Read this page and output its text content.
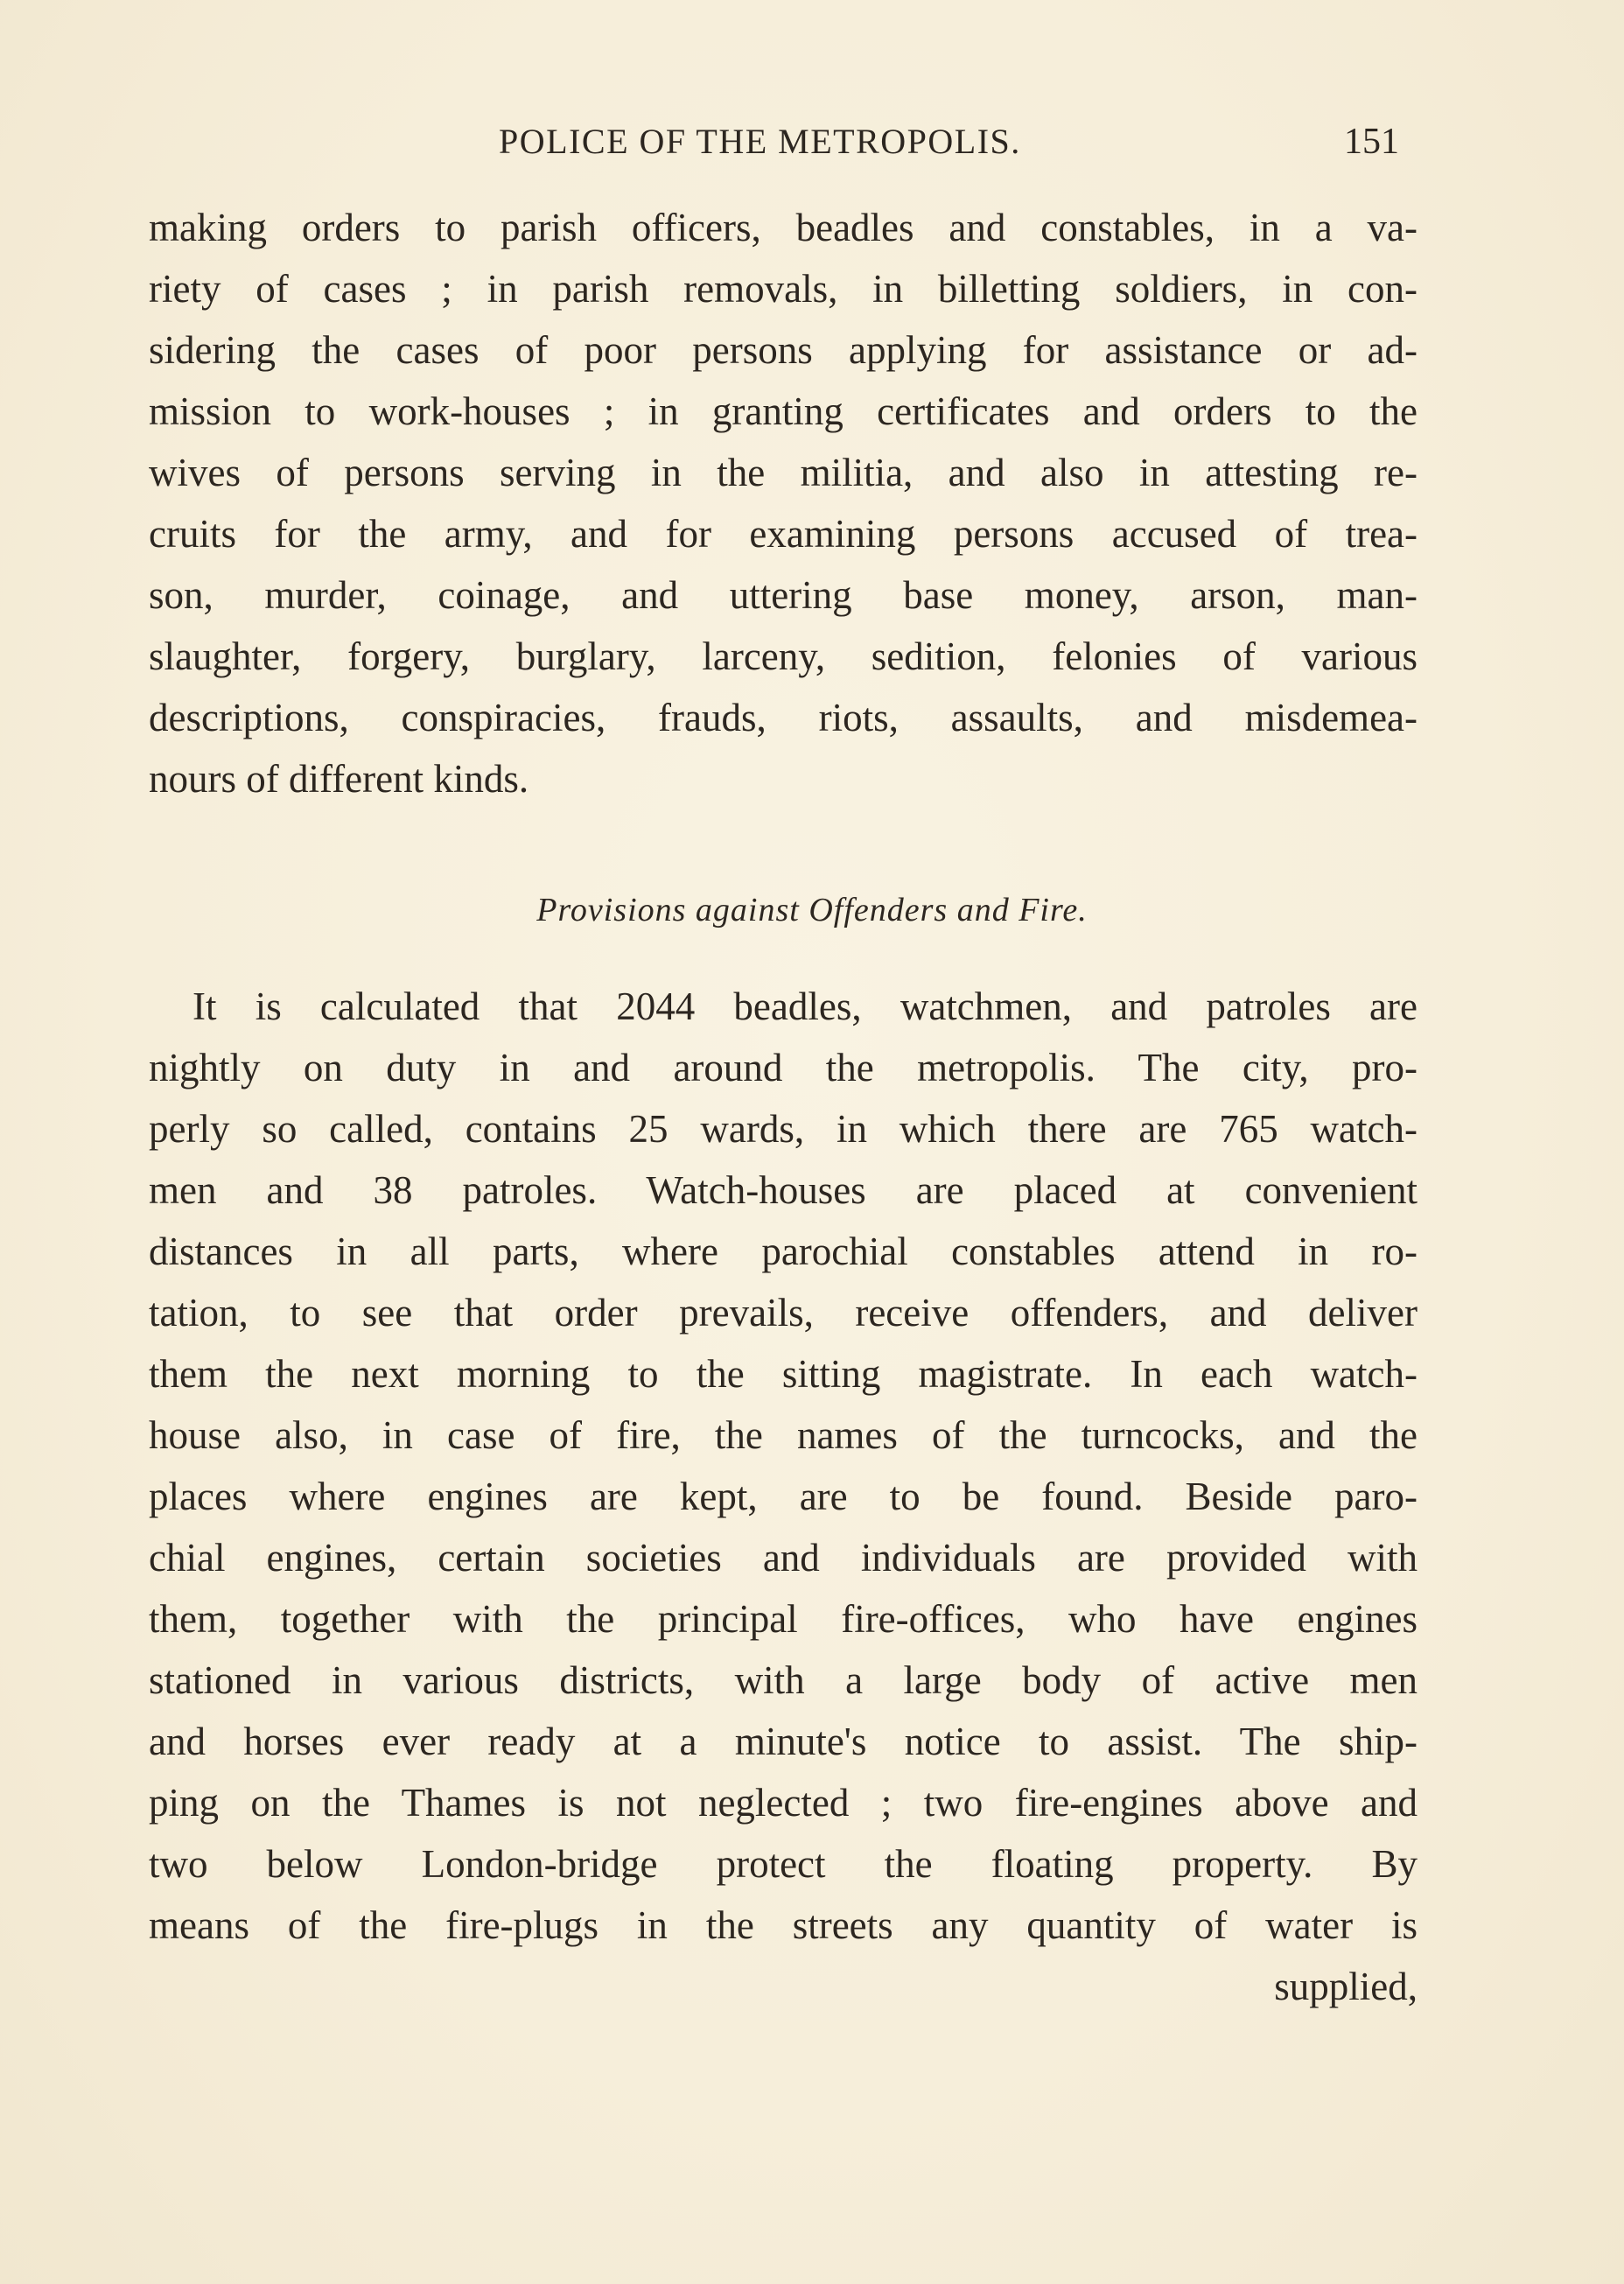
POLICE OF THE METROPOLIS.	151
making orders to parish officers, beadles and constables, in a va-
riety of cases ; in parish removals, in billetting soldiers, in con-
sidering the cases of poor persons applying for assistance or ad-
mission to work-houses ; in granting certificates and orders to the
wives of persons serving in the militia, and also in attesting re-
cruits for the army, and for examining persons accused of trea-
son, murder, coinage, and uttering base money, arson, man-
slaughter, forgery, burglary, larceny, sedition, felonies of various
descriptions, conspiracies, frauds, riots, assaults, and misdemea-
nours of different kinds.
Provisions against Offenders and Fire.
It is calculated that 2044 beadles, watchmen, and patroles are
nightly on duty in and around the metropolis. The city, pro-
perly so called, contains 25 wards, in which there are 765 watch-
men and 38 patroles. Watch-houses are placed at convenient
distances in all parts, where parochial constables attend in ro-
tation, to see that order prevails, receive offenders, and deliver
them the next morning to the sitting magistrate. In each watch-
house also, in case of fire, the names of the turncocks, and the
places where engines are kept, are to be found. Beside paro-
chial engines, certain societies and individuals are provided with
them, together with the principal fire-offices, who have engines
stationed in various districts, with a large body of active men
and horses ever ready at a minute's notice to assist. The ship-
ping on the Thames is not neglected ; two fire-engines above and
two below London-bridge protect the floating property. By
means of the fire-plugs in the streets any quantity of water is
supplied,
